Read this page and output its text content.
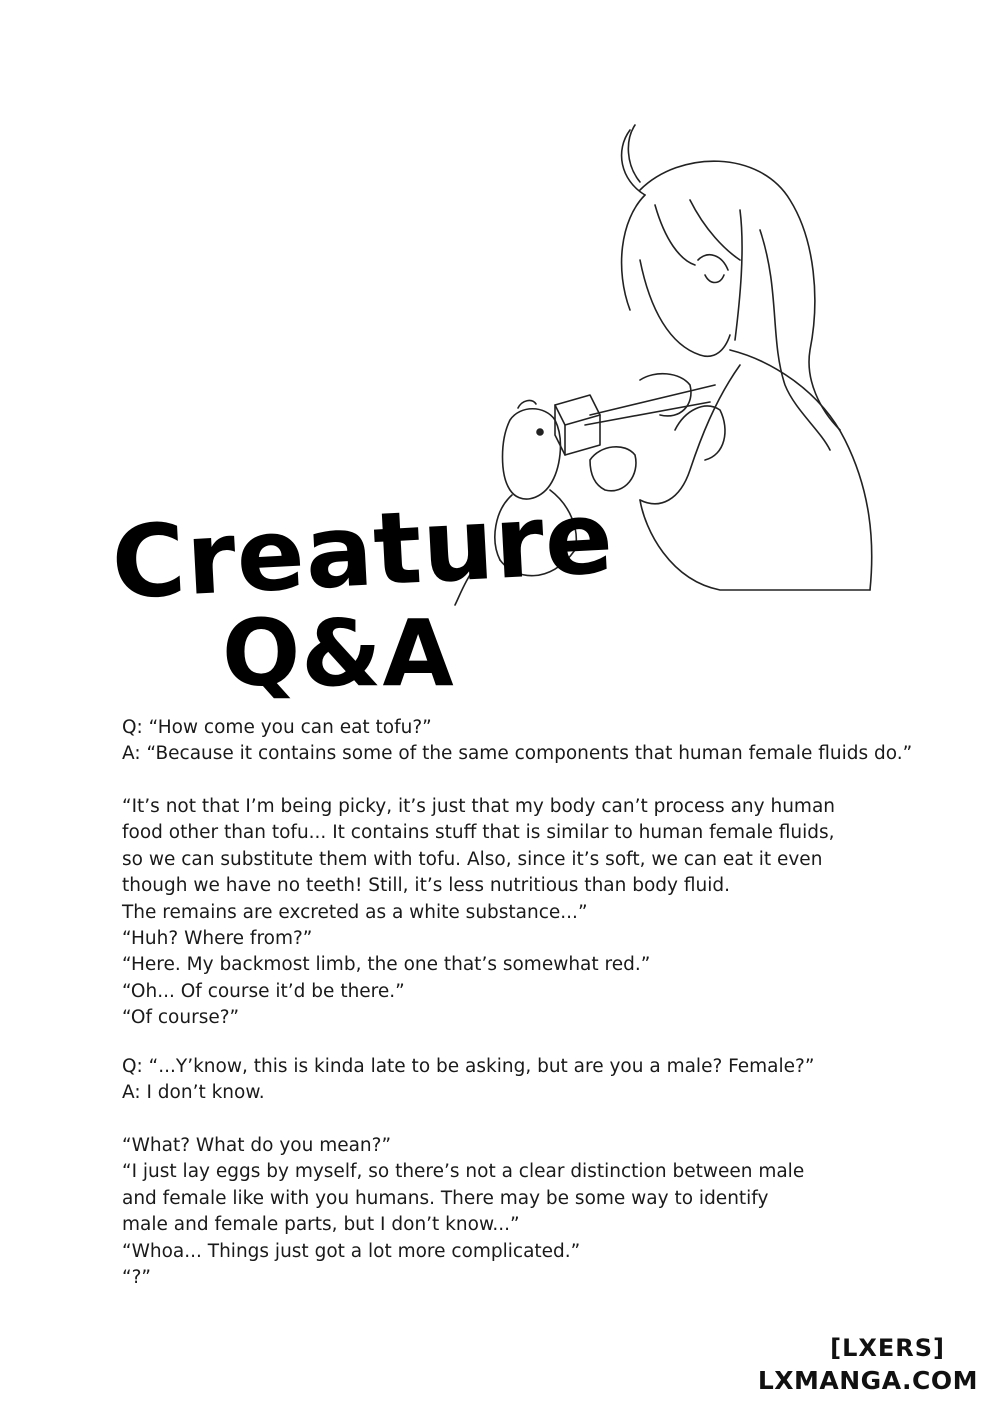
Creature
Q&A
Q: “How come you can eat tofu?”
A: “Because it contains some of the same components that human female fluids do.”
“It’s not that I’m being picky, it’s just that my body can’t process any human
food other than tofu... It contains stuff that is similar to human female fluids,
so we can substitute them with tofu. Also, since it’s soft, we can eat it even
though we have no teeth! Still, it’s less nutritious than body fluid.
The remains are excreted as a white substance...”
“Huh? Where from?”
“Here. My backmost limb, the one that’s somewhat red.”
“Oh... Of course it’d be there.”
“Of course?”
Q: “...Y’know, this is kinda late to be asking, but are you a male? Female?”
A: I don’t know.
“What? What do you mean?”
“I just lay eggs by myself, so there’s not a clear distinction between male
and female like with you humans. There may be some way to identify
male and female parts, but I don’t know...”
“Whoa... Things just got a lot more complicated.”
“?”
[LXERS]
LXMANGA.COM
